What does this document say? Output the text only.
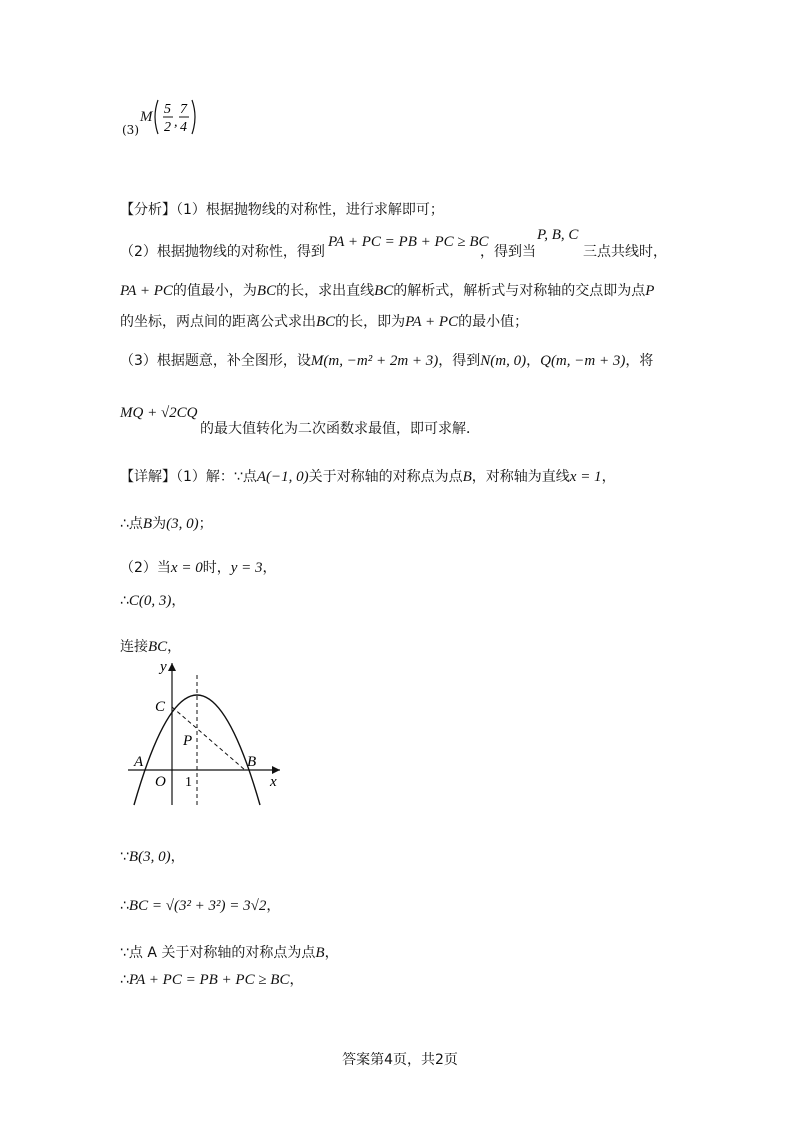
(3)
M 5
2 ,
7
4
【分析】（1）根据抛物线的对称性，进行求解即可；
（2）根据抛物线的对称性，得到
PA + PC = PB + PC ≥ BC
，得到当
P, B, C
三点共线时，
PA + PC的值最小，为BC的长，求出直线BC的解析式，解析式与对称轴的交点即为点P
的坐标，两点间的距离公式求出BC的长，即为PA + PC的最小值；
（3）根据题意，补全图形，设M(m, −m² + 2m + 3)，得到N(m, 0)，Q(m, −m + 3)，将
MQ + √2CQ
的最大值转化为二次函数求最值，即可求解．
【详解】（1）解：∵点A(−1, 0)关于对称轴的对称点为点B，对称轴为直线x = 1，
∴点B为(3, 0)；
（2）当x = 0时，y = 3，
∴C(0, 3)，
连接BC，
y
x
C
P
A
O 1
B
∵B(3, 0)，
∴BC = √(3² + 3²) = 3√2，
∵点 A 关于对称轴的对称点为点B，
∴PA + PC = PB + PC ≥ BC，
答案第4页，共2页
